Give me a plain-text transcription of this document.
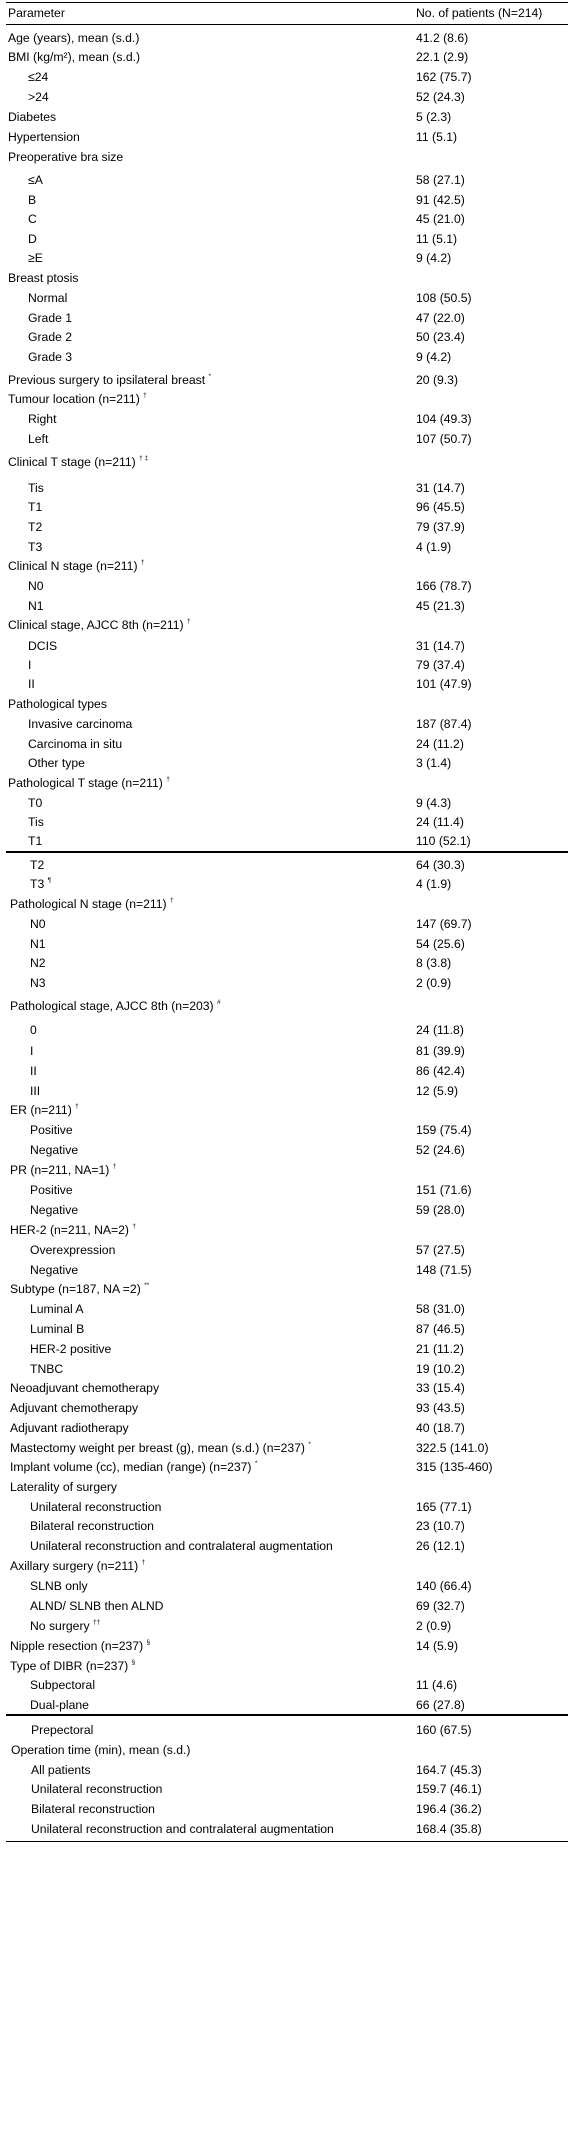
Parameter	No. of patients (N=214)
Age (years), mean (s.d.)	41.2 (8.6)
BMI (kg/m²), mean (s.d.)	22.1 (2.9)
≤24	162 (75.7)
>24	52 (24.3)
Diabetes	5 (2.3)
Hypertension	11 (5.1)
Preoperative bra size
≤A	58 (27.1)
B	91 (42.5)
C	45 (21.0)
D	11 (5.1)
≥E	9 (4.2)
Breast ptosis
Normal	108 (50.5)
Grade 1	47 (22.0)
Grade 2	50 (23.4)
Grade 3	9 (4.2)
Previous surgery to ipsilateral breast *	20 (9.3)
Tumour location (n=211) †
Right	104 (49.3)
Left	107 (50.7)
Clinical T stage (n=211) † ‡
Tis	31 (14.7)
T1	96 (45.5)
T2	79 (37.9)
T3	4 (1.9)
Clinical N stage (n=211) †
N0	166 (78.7)
N1	45 (21.3)
Clinical stage, AJCC 8th (n=211) †
DCIS	31 (14.7)
I	79 (37.4)
II	101 (47.9)
Pathological types
Invasive carcinoma	187 (87.4)
Carcinoma in situ	24 (11.2)
Other type	3 (1.4)
Pathological T stage (n=211) †
T0	9 (4.3)
Tis	24 (11.4)
T1	110 (52.1)
T2	64 (30.3)
T3 ¶	4 (1.9)
Pathological N stage (n=211) †
N0	147 (69.7)
N1	54 (25.6)
N2	8 (3.8)
N3	2 (0.9)
Pathological stage, AJCC 8th (n=203) #
0	24 (11.8)
I	81 (39.9)
II	86 (42.4)
III	12 (5.9)
ER (n=211) †
Positive	159 (75.4)
Negative	52 (24.6)
PR (n=211, NA=1) †
Positive	151 (71.6)
Negative	59 (28.0)
HER-2 (n=211, NA=2) †
Overexpression	57 (27.5)
Negative	148 (71.5)
Subtype (n=187, NA =2) **
Luminal A	58 (31.0)
Luminal B	87 (46.5)
HER-2 positive	21 (11.2)
TNBC	19 (10.2)
Neoadjuvant chemotherapy	33 (15.4)
Adjuvant chemotherapy	93 (43.5)
Adjuvant radiotherapy	40 (18.7)
Mastectomy weight per breast (g), mean (s.d.) (n=237) *	322.5 (141.0)
Implant volume (cc), median (range) (n=237) *	315 (135-460)
Laterality of surgery
Unilateral reconstruction	165 (77.1)
Bilateral reconstruction	23 (10.7)
Unilateral reconstruction and contralateral augmentation	26 (12.1)
Axillary surgery (n=211) †
SLNB only	140 (66.4)
ALND/ SLNB then ALND	69 (32.7)
No surgery ††	2 (0.9)
Nipple resection (n=237) §	14 (5.9)
Type of DIBR (n=237) §
Subpectoral	11 (4.6)
Dual-plane	66 (27.8)
Prepectoral	160 (67.5)
Operation time (min), mean (s.d.)
All patients	164.7 (45.3)
Unilateral reconstruction	159.7 (46.1)
Bilateral reconstruction	196.4 (36.2)
Unilateral reconstruction and contralateral augmentation	168.4 (35.8)
